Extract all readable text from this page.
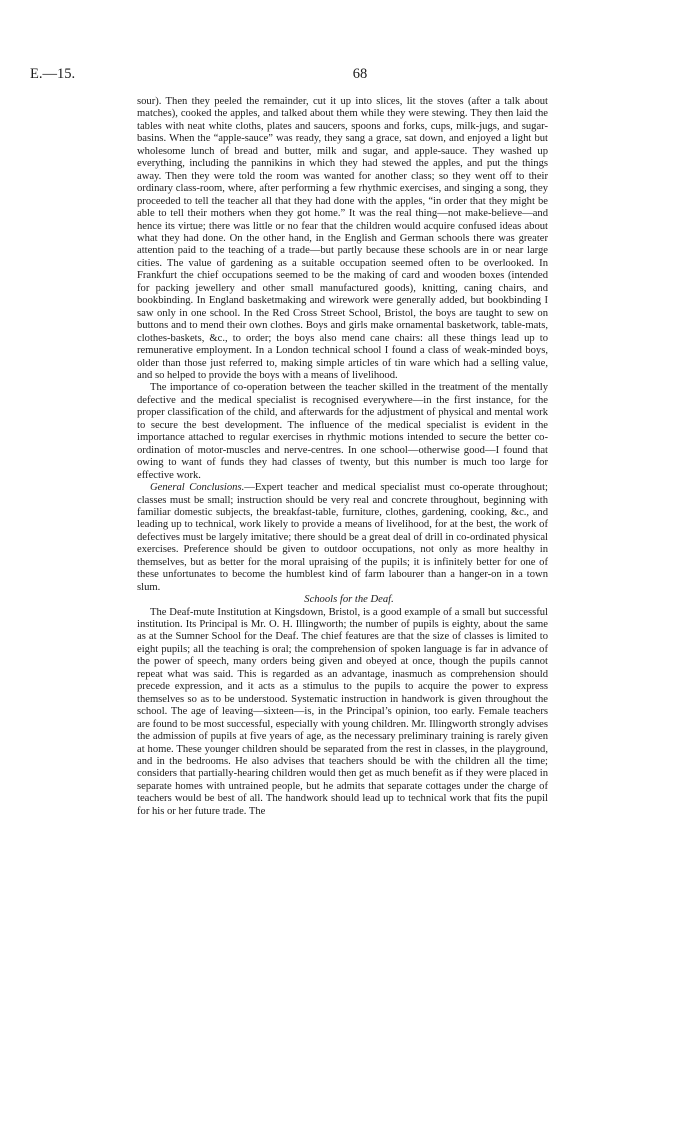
E.—15.	68

sour). Then they peeled the remainder, cut it up into slices, lit the stoves (after a talk about matches), cooked the apples, and talked about them while they were stewing. They then laid the tables with neat white cloths, plates and saucers, spoons and forks, cups, milk-jugs, and sugar-basins. When the “apple-sauce” was ready, they sang a grace, sat down, and enjoyed a light but wholesome lunch of bread and butter, milk and sugar, and apple-sauce. They washed up everything, including the pannikins in which they had stewed the apples, and put the things away. Then they were told the room was wanted for another class; so they went off to their ordinary class-room, where, after performing a few rhythmic exercises, and singing a song, they proceeded to tell the teacher all that they had done with the apples, “in order that they might be able to tell their mothers when they got home.” It was the real thing—not make-believe—and hence its virtue; there was little or no fear that the children would acquire confused ideas about what they had done. On the other hand, in the English and German schools there was greater attention paid to the teaching of a trade—but partly because these schools are in or near large cities. The value of gardening as a suitable occupation seemed often to be overlooked. In Frankfurt the chief occupations seemed to be the making of card and wooden boxes (intended for packing jewellery and other small manufactured goods), knitting, caning chairs, and bookbinding. In England basketmaking and wirework were generally added, but bookbinding I saw only in one school. In the Red Cross Street School, Bristol, the boys are taught to sew on buttons and to mend their own clothes. Boys and girls make ornamental basketwork, table-mats, clothes-baskets, &c., to order; the boys also mend cane chairs: all these things lead up to remunerative employment. In a London technical school I found a class of weak-minded boys, older than those just referred to, making simple articles of tin ware which had a selling value, and so helped to provide the boys with a means of livelihood.

The importance of co-operation between the teacher skilled in the treatment of the mentally defective and the medical specialist is recognised everywhere—in the first instance, for the proper classification of the child, and afterwards for the adjustment of physical and mental work to secure the best development. The influence of the medical specialist is evident in the importance attached to regular exercises in rhythmic motions intended to secure the better co-ordination of motor-muscles and nerve-centres. In one school—otherwise good—I found that owing to want of funds they had classes of twenty, but this number is much too large for effective work.

General Conclusions.—Expert teacher and medical specialist must co-operate throughout; classes must be small; instruction should be very real and concrete throughout, beginning with familiar domestic subjects, the breakfast-table, furniture, clothes, gardening, cooking, &c., and leading up to technical, work likely to provide a means of livelihood, for at the best, the work of defectives must be largely imitative; there should be a great deal of drill in co-ordinated physical exercises. Preference should be given to outdoor occupations, not only as more healthy in themselves, but as better for the moral upraising of the pupils; it is infinitely better for one of these unfortunates to become the humblest kind of farm labourer than a hanger-on in a town slum.

Schools for the Deaf.

The Deaf-mute Institution at Kingsdown, Bristol, is a good example of a small but successful institution. Its Principal is Mr. O. H. Illingworth; the number of pupils is eighty, about the same as at the Sumner School for the Deaf. The chief features are that the size of classes is limited to eight pupils; all the teaching is oral; the comprehension of spoken language is far in advance of the power of speech, many orders being given and obeyed at once, though the pupils cannot repeat what was said. This is regarded as an advantage, inasmuch as comprehension should precede expression, and it acts as a stimulus to the pupils to acquire the power to express themselves so as to be understood. Systematic instruction in handwork is given throughout the school. The age of leaving—sixteen—is, in the Principal’s opinion, too early. Female teachers are found to be most successful, especially with young children. Mr. Illingworth strongly advises the admission of pupils at five years of age, as the necessary preliminary training is rarely given at home. These younger children should be separated from the rest in classes, in the playground, and in the bedrooms. He also advises that teachers should be with the children all the time; considers that partially-hearing children would then get as much benefit as if they were placed in separate homes with untrained people, but he admits that separate cottages under the charge of teachers would be best of all. The handwork should lead up to technical work that fits the pupil for his or her future trade. The
